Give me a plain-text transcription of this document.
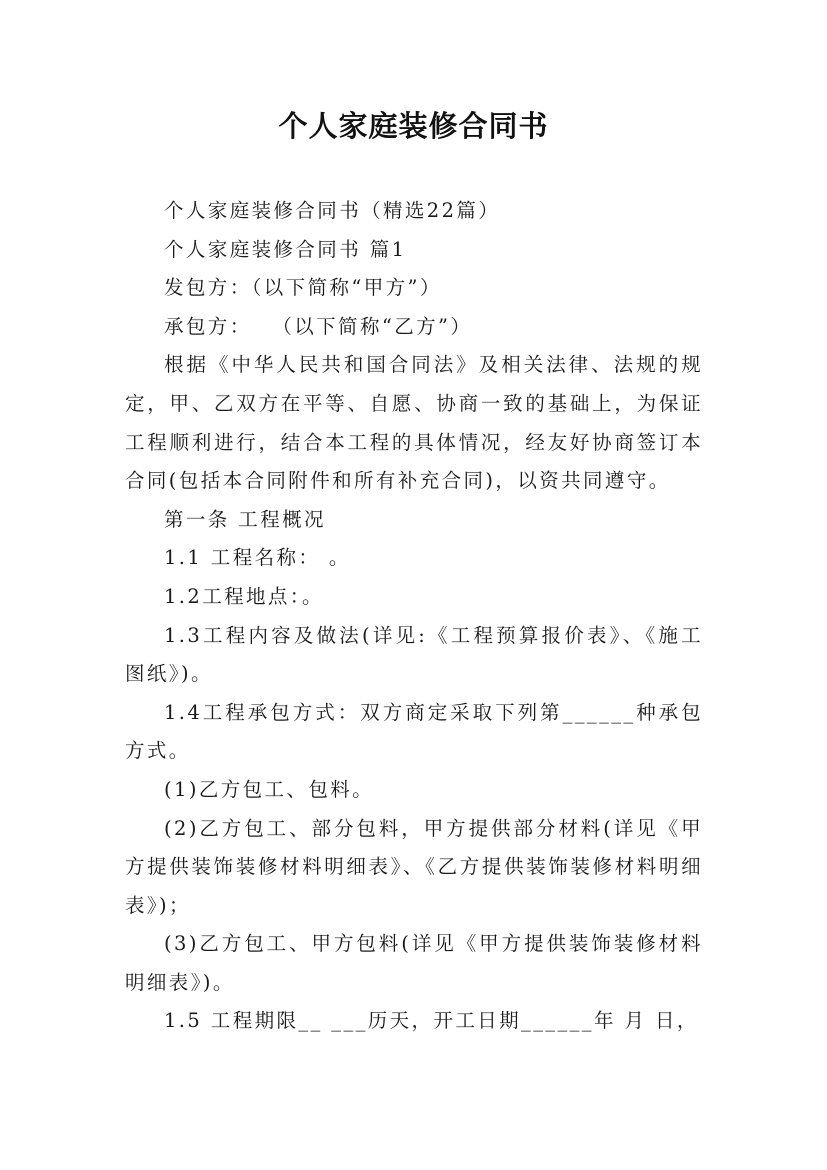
个人家庭装修合同书

个人家庭装修合同书（精选22篇）

个人家庭装修合同书 篇1

发包方：（以下简称“甲方”）

承包方：　 （以下简称“乙方”）

根据《中华人民共和国合同法》及相关法律、法规的规定，甲、乙双方在平等、自愿、协商一致的基础上，为保证工程顺利进行，结合本工程的具体情况，经友好协商签订本合同(包括本合同附件和所有补充合同)，以资共同遵守。

第一条 工程概况

1.1 工程名称： 。

1.2工程地点：。

1.3工程内容及做法(详见:《工程预算报价表》、《施工图纸》)。

1.4工程承包方式：双方商定采取下列第______种承包方式。

(1)乙方包工、包料。

(2)乙方包工、部分包料，甲方提供部分材料(详见《甲方提供装饰装修材料明细表》、《乙方提供装饰装修材料明细表》)；

(3)乙方包工、甲方包料(详见《甲方提供装饰装修材料明细表》)。

1.5 工程期限__ ___历天，开工日期______年 月 日，
